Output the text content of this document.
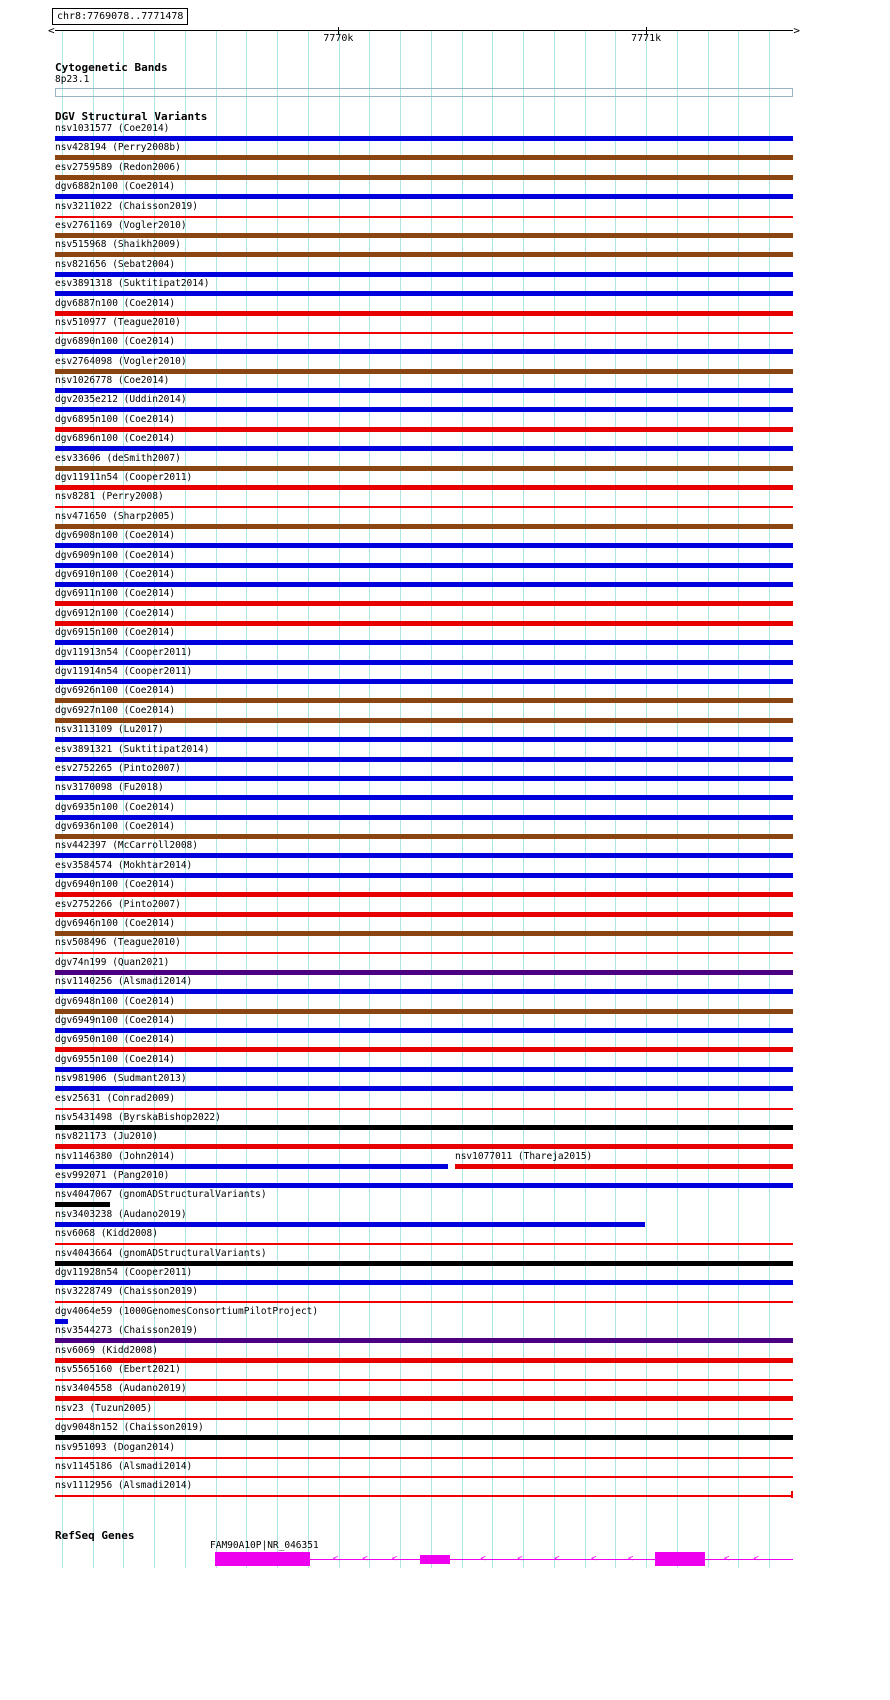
chr8:7769078..7771478
<	>
7770k	7771k
Cytogenetic Bands
8p23.1
DGV Structural Variants
nsv1031577 (Coe2014)
nsv428194 (Perry2008b)
esv2759589 (Redon2006)
dgv6882n100 (Coe2014)
nsv3211022 (Chaisson2019)
esv2761169 (Vogler2010)
nsv515968 (Shaikh2009)
nsv821656 (Sebat2004)
esv3891318 (Suktitipat2014)
dgv6887n100 (Coe2014)
nsv510977 (Teague2010)
dgv6890n100 (Coe2014)
esv2764098 (Vogler2010)
nsv1026778 (Coe2014)
dgv2035e212 (Uddin2014)
dgv6895n100 (Coe2014)
dgv6896n100 (Coe2014)
esv33606 (deSmith2007)
dgv11911n54 (Cooper2011)
nsv8281 (Perry2008)
nsv471650 (Sharp2005)
dgv6908n100 (Coe2014)
dgv6909n100 (Coe2014)
dgv6910n100 (Coe2014)
dgv6911n100 (Coe2014)
dgv6912n100 (Coe2014)
dgv6915n100 (Coe2014)
dgv11913n54 (Cooper2011)
dgv11914n54 (Cooper2011)
dgv6926n100 (Coe2014)
dgv6927n100 (Coe2014)
nsv3113109 (Lu2017)
esv3891321 (Suktitipat2014)
esv2752265 (Pinto2007)
nsv3170098 (Fu2018)
dgv6935n100 (Coe2014)
dgv6936n100 (Coe2014)
nsv442397 (McCarroll2008)
esv3584574 (Mokhtar2014)
dgv6940n100 (Coe2014)
esv2752266 (Pinto2007)
dgv6946n100 (Coe2014)
nsv508496 (Teague2010)
dgv74n199 (Quan2021)
nsv1140256 (Alsmadi2014)
dgv6948n100 (Coe2014)
dgv6949n100 (Coe2014)
dgv6950n100 (Coe2014)
dgv6955n100 (Coe2014)
nsv981906 (Sudmant2013)
esv25631 (Conrad2009)
nsv5431498 (ByrskaBishop2022)
nsv821173 (Ju2010)
nsv1146380 (John2014)	nsv1077011 (Thareja2015)
esv992071 (Pang2010)
nsv4047067 (gnomADStructuralVariants)
nsv3403238 (Audano2019)
nsv6068 (Kidd2008)
nsv4043664 (gnomADStructuralVariants)
dgv11928n54 (Cooper2011)
nsv3228749 (Chaisson2019)
dgv4064e59 (1000GenomesConsortiumPilotProject)
nsv3544273 (Chaisson2019)
nsv6069 (Kidd2008)
nsv5565160 (Ebert2021)
nsv3404558 (Audano2019)
nsv23 (Tuzun2005)
dgv9048n152 (Chaisson2019)
nsv951093 (Dogan2014)
nsv1145186 (Alsmadi2014)
nsv1112956 (Alsmadi2014)
RefSeq Genes
FAM90A10P|NR_046351
<	<	<	<	<	<	<	<	<	<
